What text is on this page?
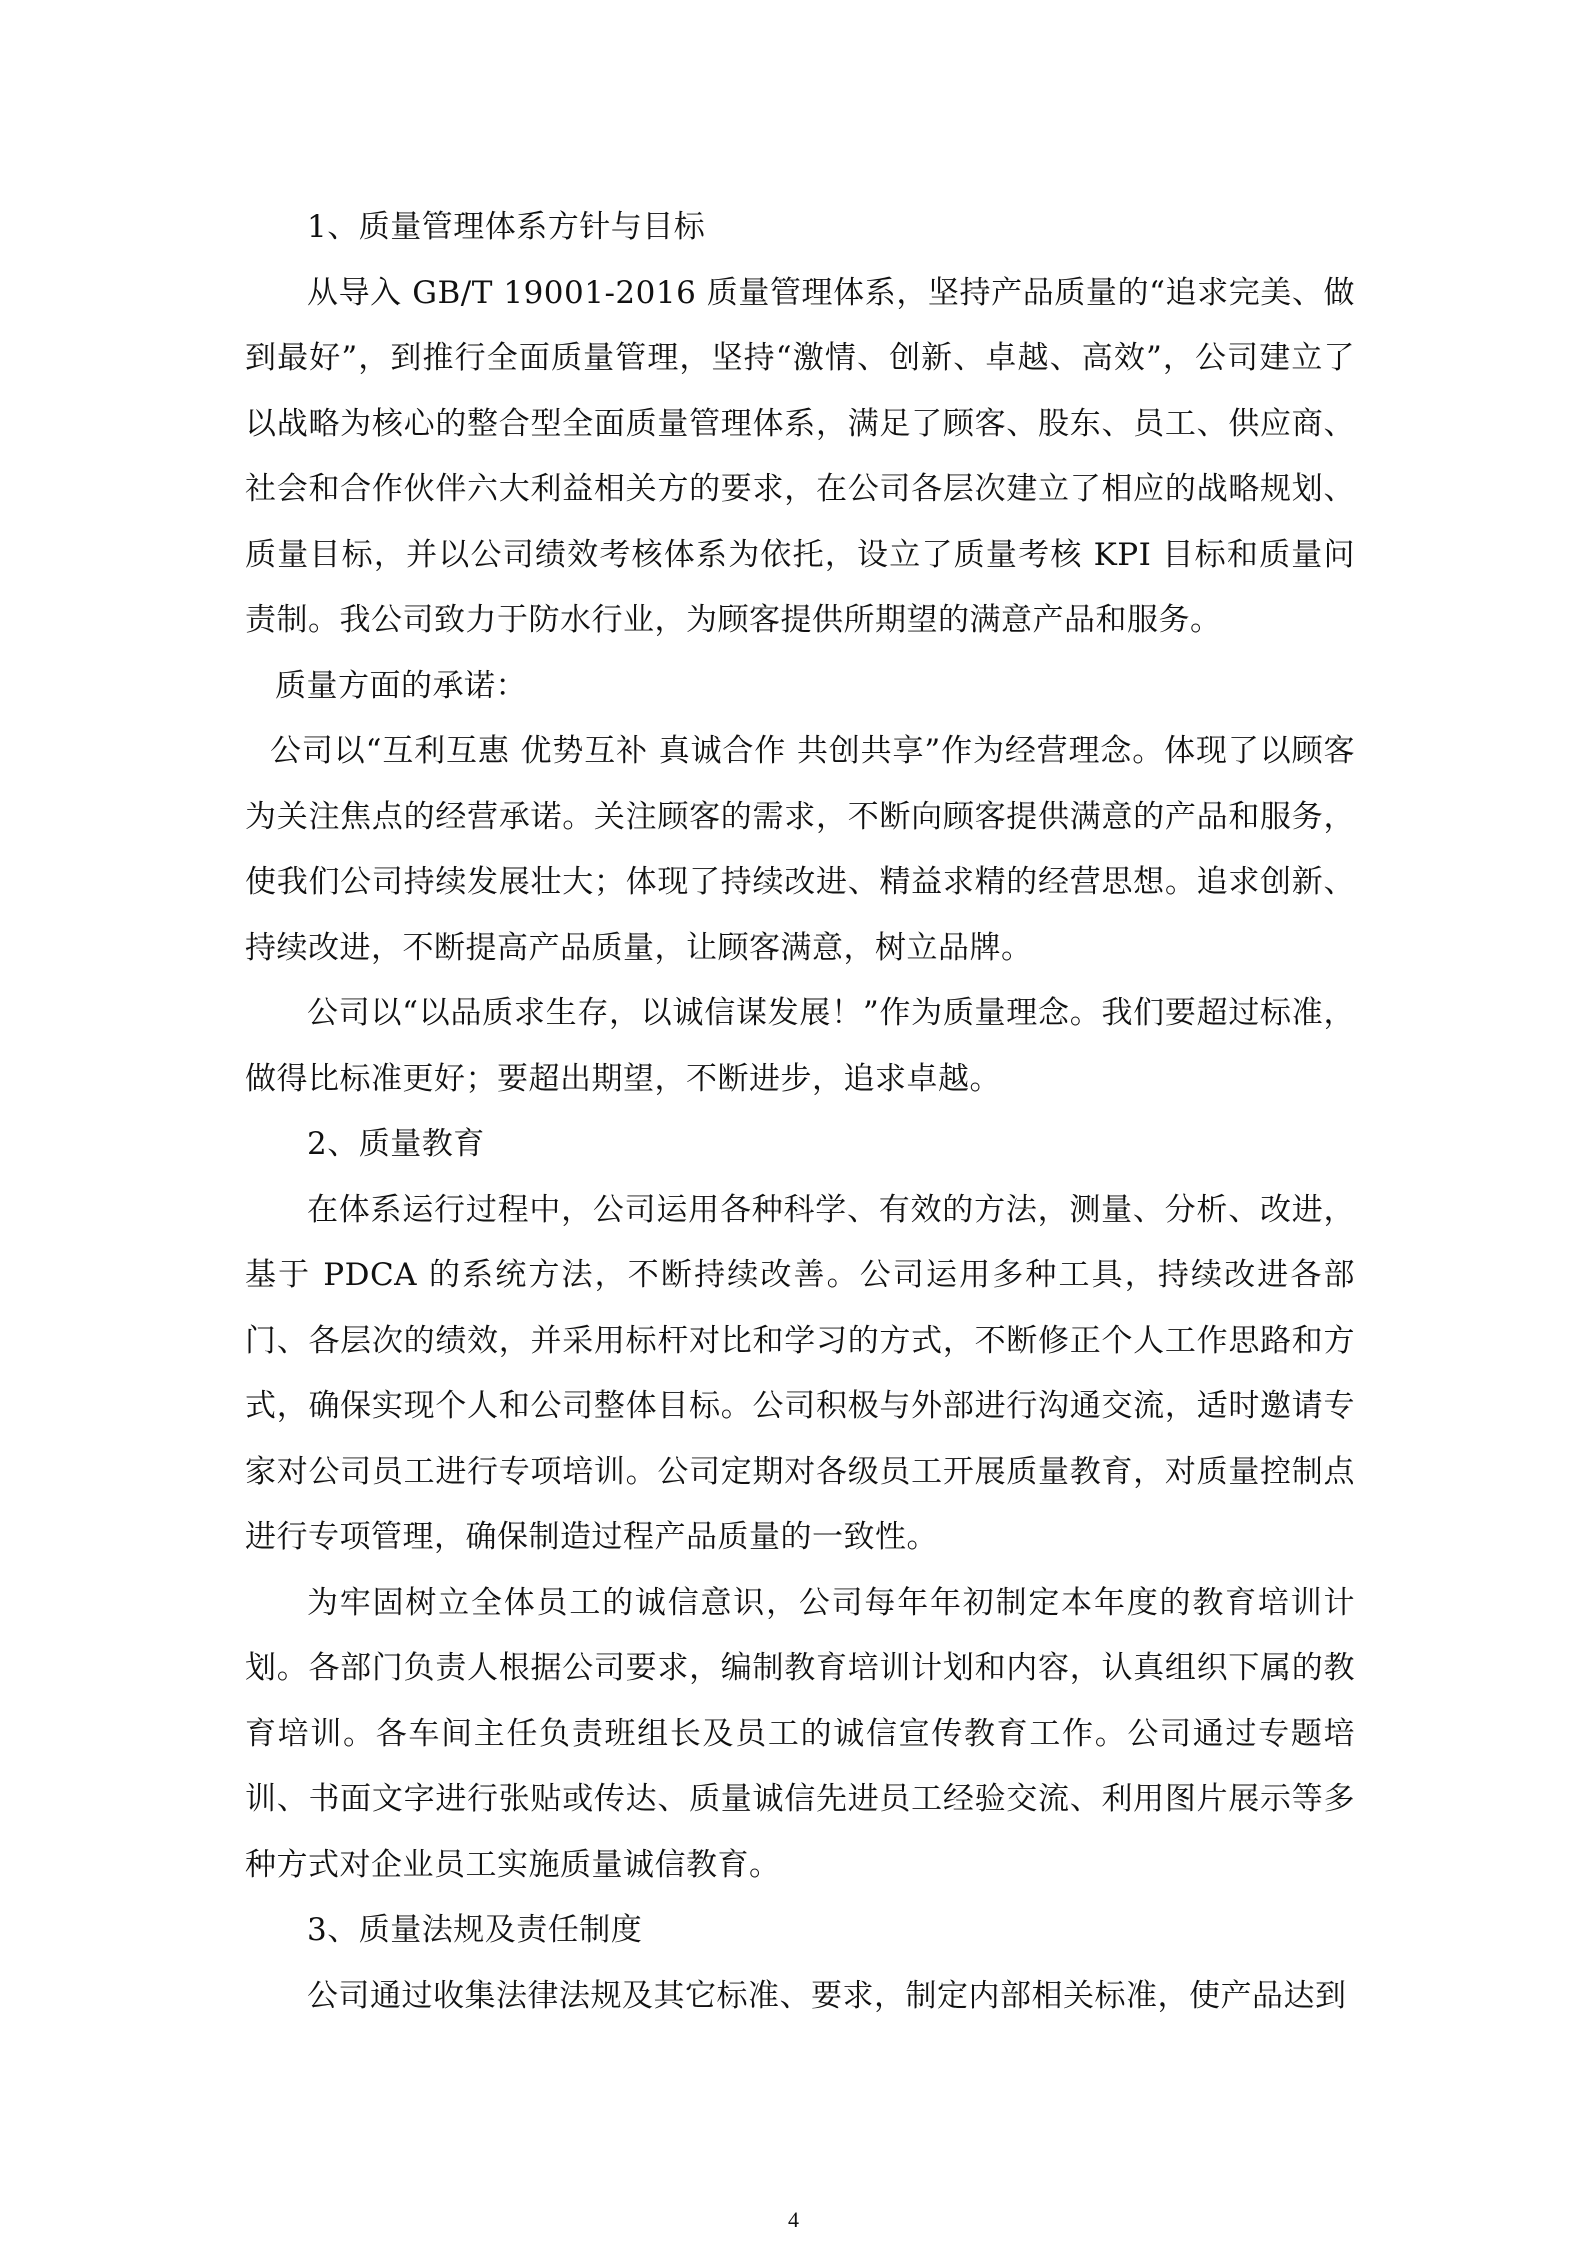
1、质量管理体系方针与目标

从导入 GB/T 19001-2016 质量管理体系，坚持产品质量的“追求完美、做到最好”，到推行全面质量管理，坚持“激情、创新、卓越、高效”，公司建立了以战略为核心的整合型全面质量管理体系，满足了顾客、股东、员工、供应商、社会和合作伙伴六大利益相关方的要求，在公司各层次建立了相应的战略规划、质量目标，并以公司绩效考核体系为依托，设立了质量考核 KPI 目标和质量问责制。我公司致力于防水行业，为顾客提供所期望的满意产品和服务。

质量方面的承诺：

公司以“互利互惠 优势互补 真诚合作 共创共享”作为经营理念。体现了以顾客为关注焦点的经营承诺。关注顾客的需求，不断向顾客提供满意的产品和服务，使我们公司持续发展壮大；体现了持续改进、精益求精的经营思想。追求创新、持续改进，不断提高产品质量，让顾客满意，树立品牌。

公司以“以品质求生存，以诚信谋发展！”作为质量理念。我们要超过标准，做得比标准更好；要超出期望，不断进步，追求卓越。

2、质量教育

在体系运行过程中，公司运用各种科学、有效的方法，测量、分析、改进，基于 PDCA 的系统方法，不断持续改善。公司运用多种工具，持续改进各部门、各层次的绩效，并采用标杆对比和学习的方式，不断修正个人工作思路和方式，确保实现个人和公司整体目标。公司积极与外部进行沟通交流，适时邀请专家对公司员工进行专项培训。公司定期对各级员工开展质量教育，对质量控制点进行专项管理，确保制造过程产品质量的一致性。

为牢固树立全体员工的诚信意识，公司每年年初制定本年度的教育培训计划。各部门负责人根据公司要求，编制教育培训计划和内容，认真组织下属的教育培训。各车间主任负责班组长及员工的诚信宣传教育工作。公司通过专题培训、书面文字进行张贴或传达、质量诚信先进员工经验交流、利用图片展示等多种方式对企业员工实施质量诚信教育。

3、质量法规及责任制度

公司通过收集法律法规及其它标准、要求，制定内部相关标准，使产品达到

4
